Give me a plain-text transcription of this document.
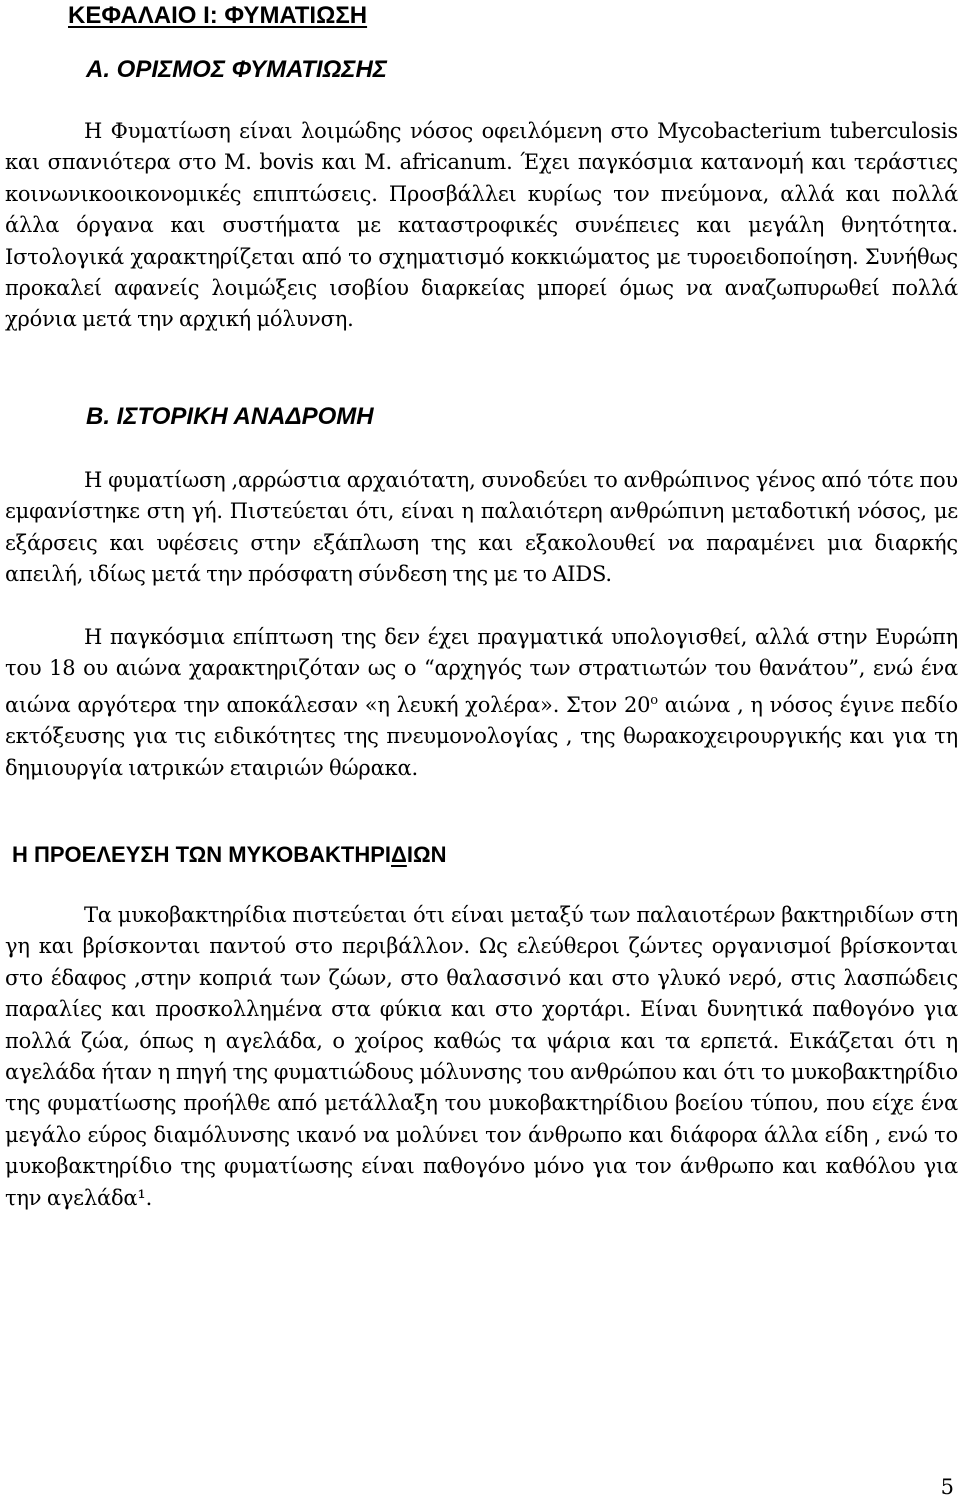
ΚΕΦΑΛΑΙΟ Ι: ΦΥΜΑΤΙΩΣΗ
Α. ΟΡΙΣΜΟΣ ΦΥΜΑΤΙΩΣΗΣ

Η Φυματίωση είναι λοιμώδης νόσος οφειλόμενη στο Mycobacterium tuberculosis και σπανιότερα στο Μ. bovis και Μ. africanum. Έχει παγκόσμια κατανομή και τεράστιες κοινωνικοοικονομικές επιπτώσεις. Προσβάλλει κυρίως τον πνεύμονα, αλλά και πολλά άλλα όργανα και συστήματα με καταστροφικές συνέπειες και μεγάλη θνητότητα. Ιστολογικά χαρακτηρίζεται από το σχηματισμό κοκκιώματος με τυροειδοποίηση. Συνήθως προκαλεί αφανείς λοιμώξεις ισοβίου διαρκείας μπορεί όμως να αναζωπυρωθεί πολλά χρόνια μετά την αρχική μόλυνση.

Β. ΙΣΤΟΡΙΚΗ ΑΝΑΔΡΟΜΗ

Η φυματίωση ,αρρώστια αρχαιότατη, συνοδεύει το ανθρώπινος γένος από τότε που εμφανίστηκε στη γή. Πιστεύεται ότι, είναι η παλαιότερη ανθρώπινη μεταδοτική νόσος, με εξάρσεις και υφέσεις στην εξάπλωση της και εξακολουθεί να παραμένει μια διαρκής απειλή, ιδίως μετά την πρόσφατη σύνδεση της με το AIDS.

Η παγκόσμια επίπτωση της δεν έχει πραγματικά υπολογισθεί, αλλά στην Ευρώπη του 18 ου αιώνα χαρακτηριζόταν ως ο “αρχηγός των στρατιωτών του θανάτου”, ενώ ένα αιώνα αργότερα την αποκάλεσαν «η λευκή χολέρα». Στον $20^o$ αιώνα , η νόσος έγινε πεδίο εκτόξευσης για τις ειδικότητες της πνευμονολογίας , της θωρακοχειρουργικής και για τη δημιουργία ιατρικών εταιριών θώρακα.

Η ΠΡΟΕΛΕΥΣΗ ΤΩΝ ΜΥΚΟΒΑΚΤΗΡΙΔΙΩΝ

Τα μυκοβακτηρίδια πιστεύεται ότι είναι μεταξύ των παλαιοτέρων βακτηριδίων στη γη και βρίσκονται παντού στο περιβάλλον. Ως ελεύθεροι ζώντες οργανισμοί βρίσκονται στο έδαφος ,στην κοπριά των ζώων, στο θαλασσινό και στο γλυκό νερό, στις λασπώδεις παραλίες και προσκολλημένα στα φύκια και στο χορτάρι. Είναι δυνητικά παθογόνο για πολλά ζώα, όπως η αγελάδα, ο χοίρος καθώς τα ψάρια και τα ερπετά. Εικάζεται ότι η αγελάδα ήταν η πηγή της φυματιώδους μόλυνσης του ανθρώπου και ότι το μυκοβακτηρίδιο της φυματίωσης προήλθε από μετάλλαξη του μυκοβακτηρίδιου βοείου τύπου, που είχε ένα μεγάλο εύρος διαμόλυνσης ικανό να μολύνει τον άνθρωπο και διάφορα άλλα είδη , ενώ το μυκοβακτηρίδιο της φυματίωσης είναι παθογόνο μόνο για τον άνθρωπο και καθόλου για την αγελάδα¹.

5
